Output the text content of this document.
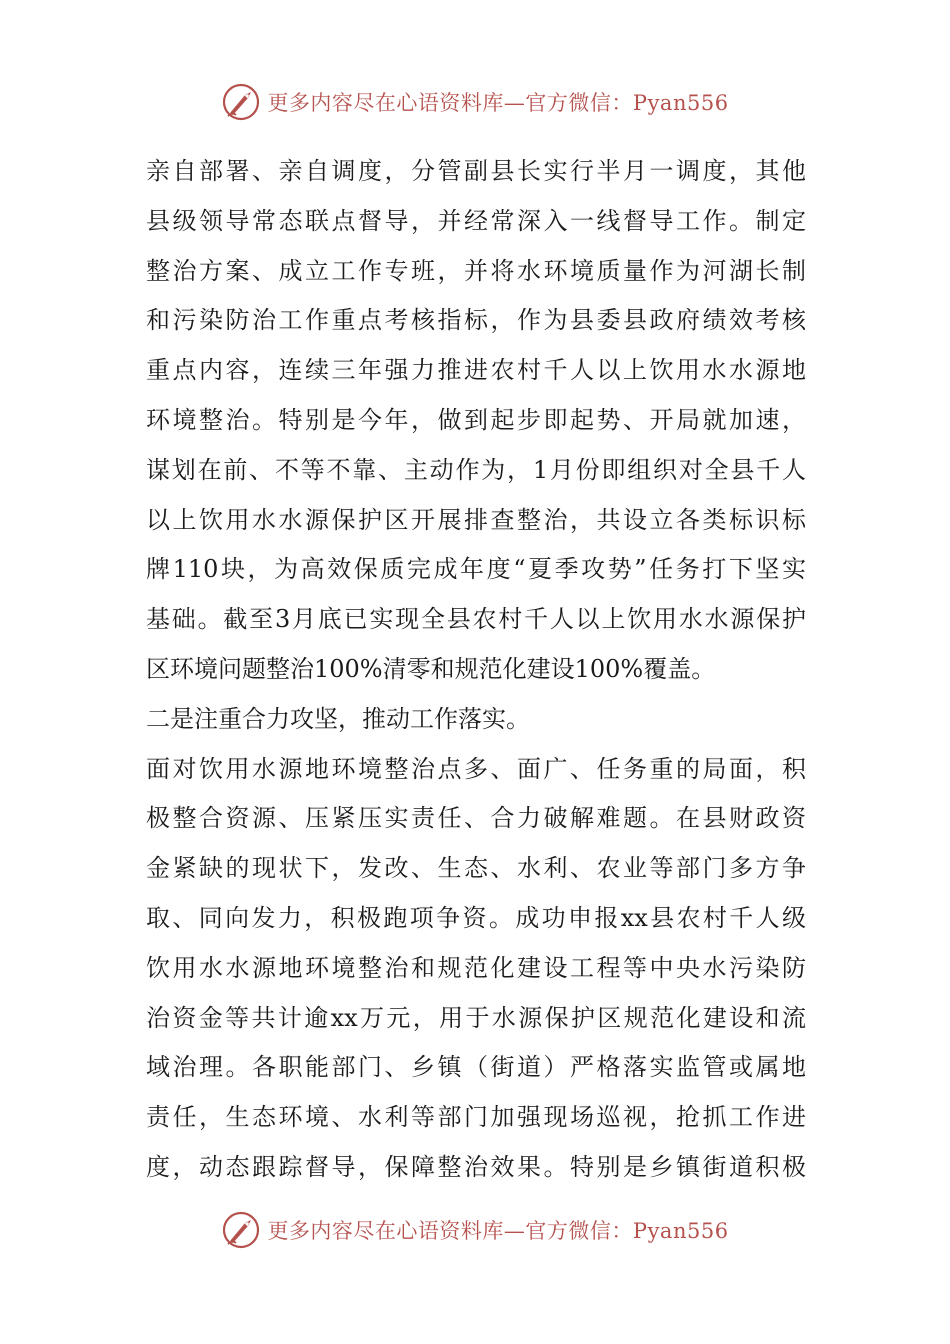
更多内容尽在心语资料库—官方微信：Pyan556
亲自部署、亲自调度，分管副县长实行半月一调度，其他
县级领导常态联点督导，并经常深入一线督导工作。制定
整治方案、成立工作专班，并将水环境质量作为河湖长制
和污染防治工作重点考核指标，作为县委县政府绩效考核
重点内容，连续三年强力推进农村千人以上饮用水水源地
环境整治。特别是今年，做到起步即起势、开局就加速，
谋划在前、不等不靠、主动作为，1月份即组织对全县千人
以上饮用水水源保护区开展排查整治，共设立各类标识标
牌110块，为高效保质完成年度“夏季攻势”任务打下坚实
基础。截至3月底已实现全县农村千人以上饮用水水源保护
区环境问题整治100%清零和规范化建设100%覆盖。
二是注重合力攻坚，推动工作落实。
面对饮用水源地环境整治点多、面广、任务重的局面，积
极整合资源、压紧压实责任、合力破解难题。在县财政资
金紧缺的现状下，发改、生态、水利、农业等部门多方争
取、同向发力，积极跑项争资。成功申报xx县农村千人级
饮用水水源地环境整治和规范化建设工程等中央水污染防
治资金等共计逾xx万元，用于水源保护区规范化建设和流
域治理。各职能部门、乡镇（街道）严格落实监管或属地
责任，生态环境、水利等部门加强现场巡视，抢抓工作进
度，动态跟踪督导，保障整治效果。特别是乡镇街道积极
更多内容尽在心语资料库—官方微信：Pyan556
